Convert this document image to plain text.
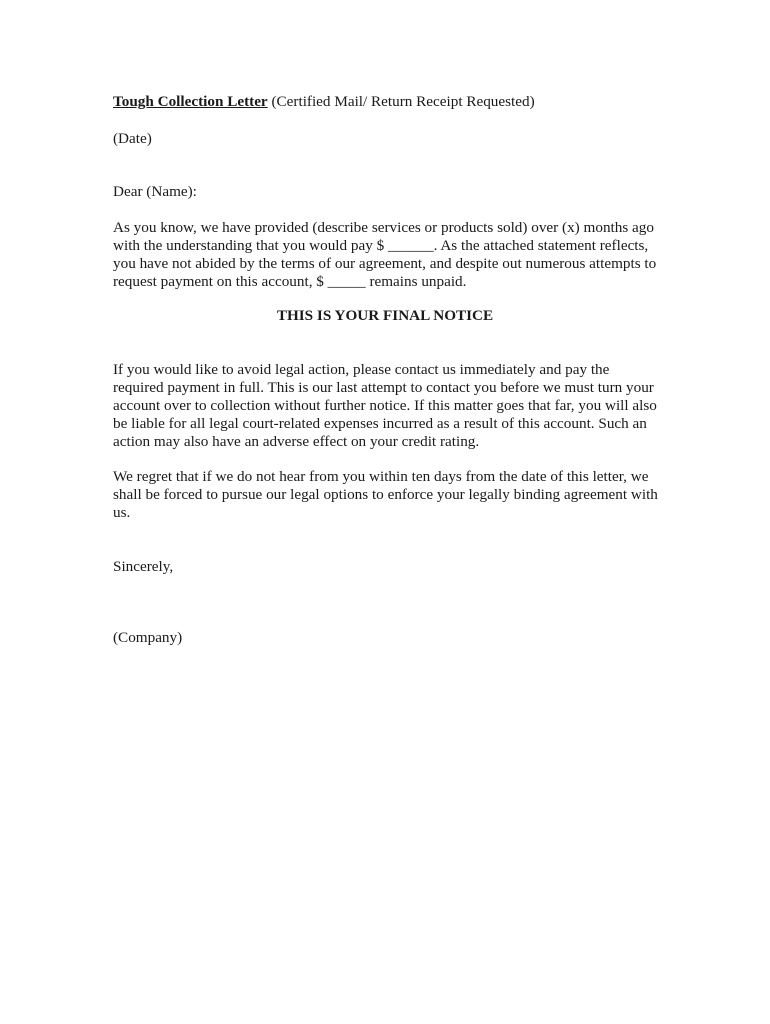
Tough Collection Letter (Certified Mail/ Return Receipt Requested)

(Date)

Dear (Name):

As you know, we have provided (describe services or products sold) over (x) months ago
with the understanding that you would pay $ ______. As the attached statement reflects,
you have not abided by the terms of our agreement, and despite out numerous attempts to
request payment on this account, $ _____ remains unpaid.

THIS IS YOUR FINAL NOTICE

If you would like to avoid legal action, please contact us immediately and pay the
required payment in full. This is our last attempt to contact you before we must turn your
account over to collection without further notice. If this matter goes that far, you will also
be liable for all legal court-related expenses incurred as a result of this account. Such an
action may also have an adverse effect on your credit rating.
We regret that if we do not hear from you within ten days from the date of this letter, we
shall be forced to pursue our legal options to enforce your legally binding agreement with
us.

Sincerely,

(Company)
